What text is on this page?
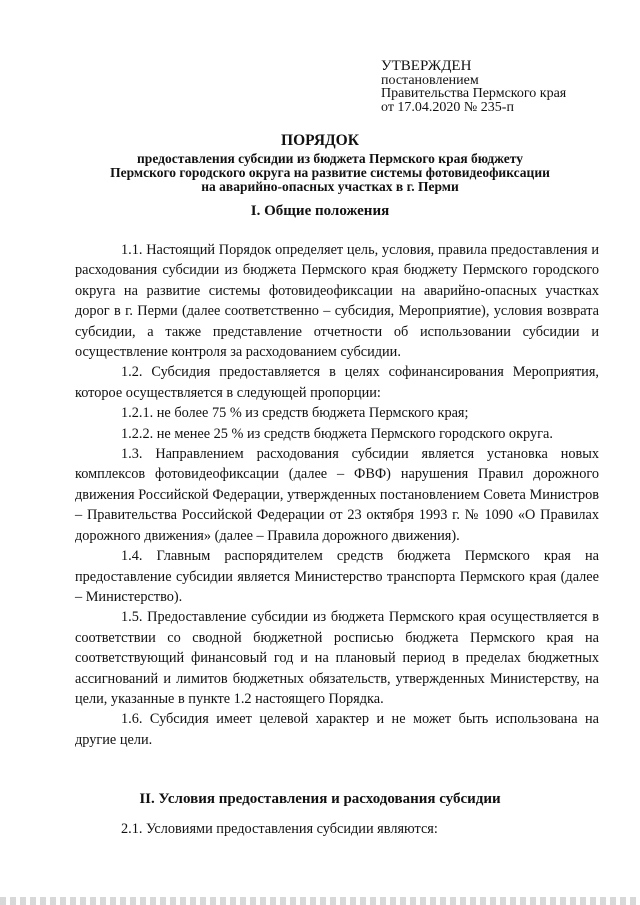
УТВЕРЖДЕН
постановлением
Правительства Пермского края
от 17.04.2020 № 235-п
ПОРЯДОК
предоставления субсидии из бюджета Пермского края бюджету
Пермского городского округа на развитие системы фотовидеофиксации
на аварийно-опасных участках в г. Перми
I. Общие положения

1.1. Настоящий Порядок определяет цель, условия, правила предоставления и расходования субсидии из бюджета Пермского края бюджету Пермского городского округа на развитие системы фотовидеофиксации на аварийно-опасных участках дорог в г. Перми (далее соответственно – субсидия, Мероприятие), условия возврата субсидии, а также представление отчетности об использовании субсидии и осуществление контроля за расходованием субсидии.

1.2. Субсидия предоставляется в целях софинансирования Мероприятия, которое осуществляется в следующей пропорции:

1.2.1. не более 75 % из средств бюджета Пермского края;

1.2.2. не менее 25 % из средств бюджета Пермского городского округа.

1.3. Направлением расходования субсидии является установка новых комплексов фотовидеофиксации (далее – ФВФ) нарушения Правил дорожного движения Российской Федерации, утвержденных постановлением Совета Министров – Правительства Российской Федерации от 23 октября 1993 г. № 1090 «О Правилах дорожного движения» (далее – Правила дорожного движения).

1.4. Главным распорядителем средств бюджета Пермского края на предоставление субсидии является Министерство транспорта Пермского края (далее – Министерство).

1.5. Предоставление субсидии из бюджета Пермского края осуществляется в соответствии со сводной бюджетной росписью бюджета Пермского края на соответствующий финансовый год и на плановый период в пределах бюджетных ассигнований и лимитов бюджетных обязательств, утвержденных Министерству, на цели, указанные в пункте 1.2 настоящего Порядка.

1.6. Субсидия имеет целевой характер и не может быть использована на другие цели.

II. Условия предоставления и расходования субсидии
2.1. Условиями предоставления субсидии являются:
